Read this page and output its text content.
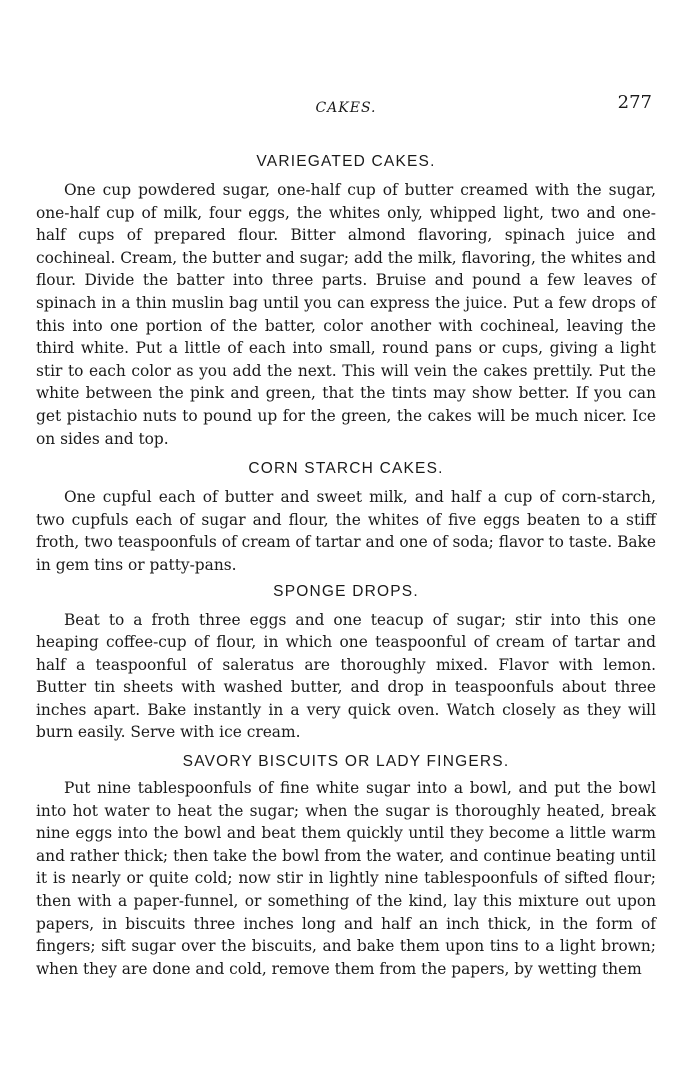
CAKES.	277
VARIEGATED CAKES.

One cup powdered sugar, one-half cup of butter creamed with the sugar, one-half cup of milk, four eggs, the whites only, whipped light, two and one-half cups of prepared flour. Bitter almond flavoring, spinach juice and cochineal. Cream, the butter and sugar; add the milk, flavoring, the whites and flour. Divide the batter into three parts. Bruise and pound a few leaves of spinach in a thin muslin bag until you can express the juice. Put a few drops of this into one portion of the batter, color another with cochineal, leaving the third white. Put a little of each into small, round pans or cups, giving a light stir to each color as you add the next. This will vein the cakes prettily. Put the white between the pink and green, that the tints may show better. If you can get pistachio nuts to pound up for the green, the cakes will be much nicer. Ice on sides and top.

CORN STARCH CAKES.

One cupful each of butter and sweet milk, and half a cup of corn-starch, two cupfuls each of sugar and flour, the whites of five eggs beaten to a stiff froth, two teaspoonfuls of cream of tartar and one of soda; flavor to taste. Bake in gem tins or patty-pans.

SPONGE DROPS.

Beat to a froth three eggs and one teacup of sugar; stir into this one heaping coffee-cup of flour, in which one teaspoonful of cream of tartar and half a teaspoonful of saleratus are thoroughly mixed. Flavor with lemon. Butter tin sheets with washed butter, and drop in teaspoonfuls about three inches apart. Bake instantly in a very quick oven. Watch closely as they will burn easily. Serve with ice cream.

SAVORY BISCUITS OR LADY FINGERS.

Put nine tablespoonfuls of fine white sugar into a bowl, and put the bowl into hot water to heat the sugar; when the sugar is thoroughly heated, break nine eggs into the bowl and beat them quickly until they become a little warm and rather thick; then take the bowl from the water, and continue beating until it is nearly or quite cold; now stir in lightly nine tablespoonfuls of sifted flour; then with a paper-funnel, or something of the kind, lay this mixture out upon papers, in biscuits three inches long and half an inch thick, in the form of fingers; sift sugar over the biscuits, and bake them upon tins to a light brown; when they are done and cold, remove them from the papers, by wetting them
